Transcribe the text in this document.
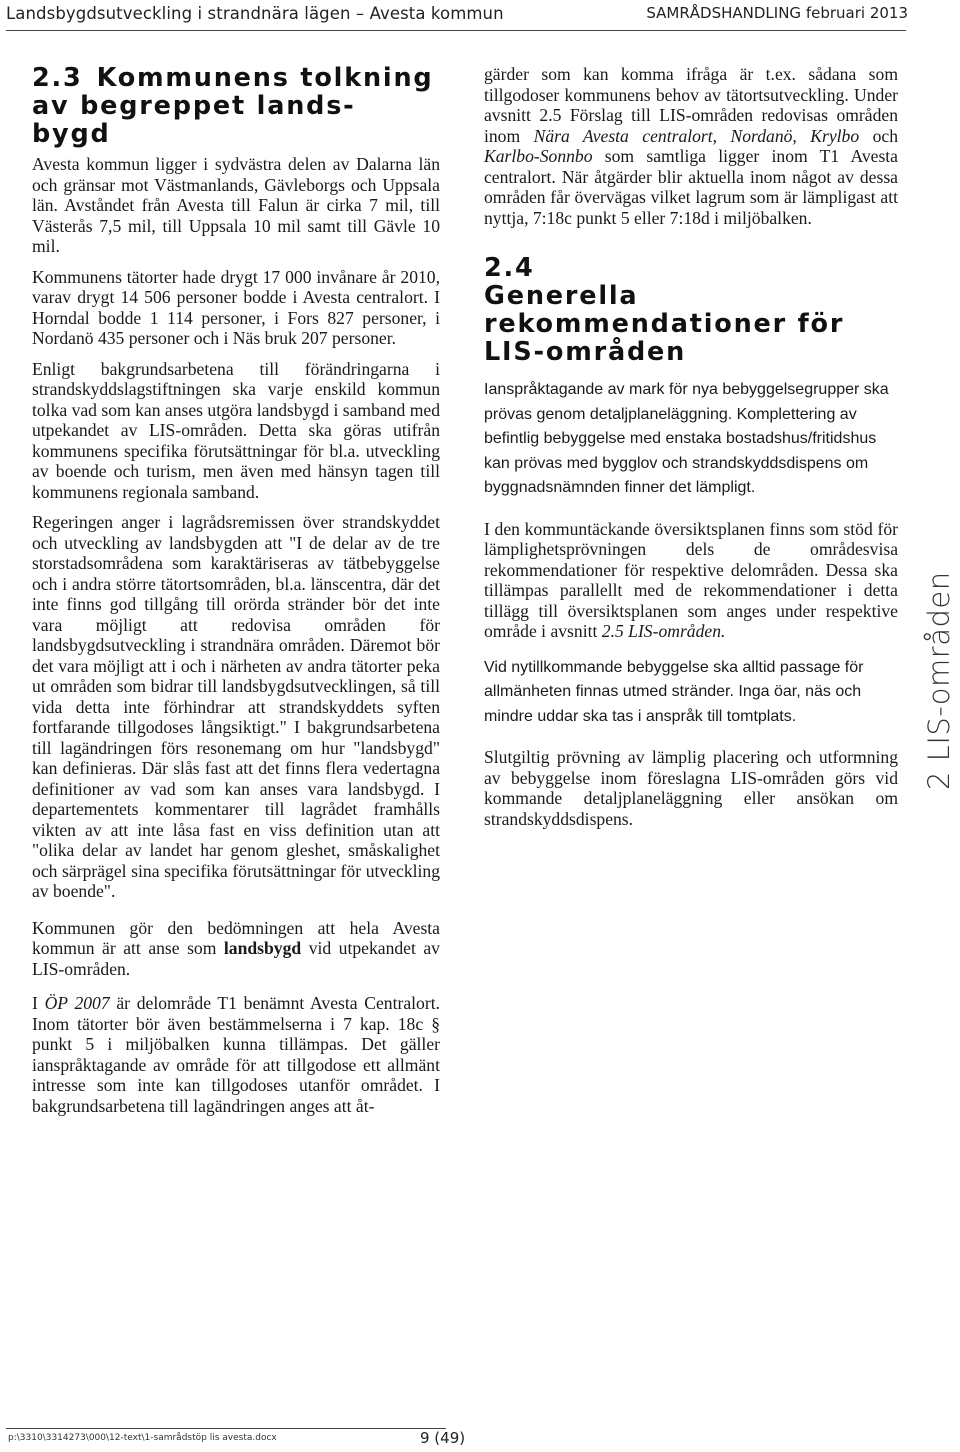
Landsbygdsutveckling i strandnära lägen – Avesta kommun	SAMRÅDSHANDLING februari 2013
2.3 Kommunens tolkning
av begreppet lands-
bygd

Avesta kommun ligger i sydvästra delen av Dalarna län och gränsar mot Västmanlands, Gävleborgs och Uppsala län. Avståndet från Avesta till Falun är cirka 7 mil, till Västerås 7,5 mil, till Uppsala 10 mil samt till Gävle 10 mil.

Kommunens tätorter hade drygt 17 000 invånare år 2010, varav drygt 14 506 personer bodde i Avesta centralort. I Horndal bodde 1 114 personer, i Fors 827 personer, i Nordanö 435 personer och i Näs bruk 207 personer.

Enligt bakgrundsarbetena till förändringarna i strandskyddslagstiftningen ska varje enskild kommun tolka vad som kan anses utgöra landsbygd i samband med utpekandet av LIS-områden. Detta ska göras utifrån kommunens specifika förutsättningar för bl.a. utveckling av boende och turism, men även med hänsyn tagen till kommunens regionala samband.

Regeringen anger i lagrådsremissen över strandskyddet och utveckling av landsbygden att "I de delar av de tre storstadsområdena som karaktäriseras av tätbebyggelse och i andra större tätortsområden, bl.a. länscentra, där det inte finns god tillgång till orörda stränder bör det inte vara möjligt att redovisa områden för landsbygdsutveckling i strandnära områden. Däremot bör det vara möjligt att i och i närheten av andra tätorter peka ut områden som bidrar till landsbygdsutvecklingen, så till vida detta inte förhindrar att strandskyddets syften fortfarande tillgodoses långsiktigt." I bakgrundsarbetena till lagändringen förs resonemang om hur "landsbygd" kan definieras. Där slås fast att det finns flera vedertagna definitioner av vad som kan anses vara landsbygd. I departementets kommentarer till lagrådet framhålls vikten av att inte låsa fast en viss definition utan att "olika delar av landet har genom gleshet, småskalighet och särprägel sina specifika förutsättningar för utveckling av boende".

Kommunen gör den bedömningen att hela Avesta kommun är att anse som landsbygd vid utpekandet av LIS-områden.

I ÖP 2007 är delområde T1 benämnt Avesta Centralort. Inom tätorter bör även bestämmelserna i 7 kap. 18c § punkt 5 i miljöbalken kunna tillämpas. Det gäller ianspråktagande av område för att tillgodose ett allmänt intresse som inte kan tillgodoses utanför området. I bakgrundsarbetena till lagändringen anges att åt-

gärder som kan komma ifråga är t.ex. sådana som tillgodoser kommunens behov av tätortsutveckling. Under avsnitt 2.5 Förslag till LIS-områden redovisas områden inom Nära Avesta centralort, Nordanö, Krylbo och Karlbo-Sonnbo som samtliga ligger inom T1 Avesta centralort. När åtgärder blir aktuella inom något av dessa områden får övervägas vilket lagrum som är lämpligast att nyttja, 7:18c punkt 5 eller 7:18d i miljöbalken.

2.4Generella
rekommendationer för
LIS-områden

Ianspråktagande av mark för nya bebyggelsegrupper ska prövas genom detaljplaneläggning. Komplettering av befintlig bebyggelse med enstaka bostadshus/fritidshus kan prövas med bygglov och strandskyddsdispens om byggnadsnämnden finner det lämpligt.

I den kommuntäckande översiktsplanen finns som stöd för lämplighetsprövningen dels de områdesvisa rekommendationer för respektive delområden. Dessa ska tillämpas parallellt med de rekommendationer i detta tillägg till översiktsplanen som anges under respektive område i avsnitt 2.5 LIS-områden.

Vid nytillkommande bebyggelse ska alltid passage för allmänheten finnas utmed stränder. Inga öar, näs och mindre uddar ska tas i anspråk till tomtplats.

Slutgiltig prövning av lämplig placering och utformning av bebyggelse inom föreslagna LIS-områden görs vid kommande detaljplaneläggning eller ansökan om strandskyddsdispens.

2 LIS-områden
p:\3310\3314273\000\12-text\1-samrådstöp lis avesta.docx	9 (49)
